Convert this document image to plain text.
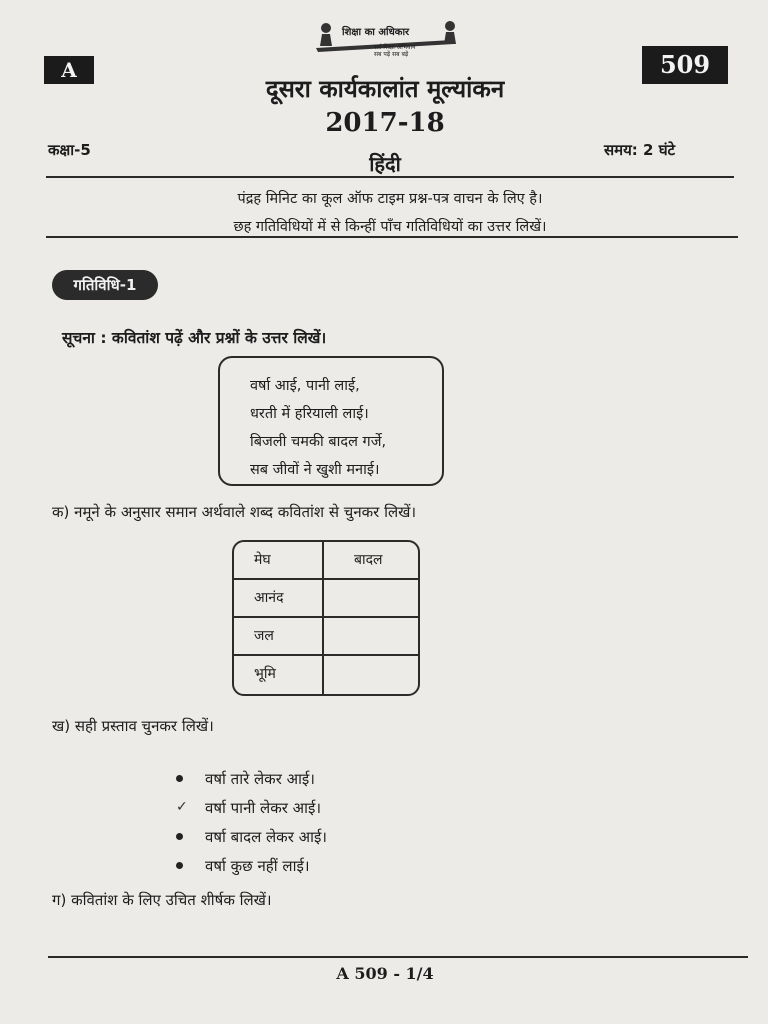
शिक्षा का अधिकार
सर्व शिक्षा अभियान
सब पढ़ें सब बढ़ें
A	509
दूसरा कार्यकालांत मूल्यांकन
2017-18
हिंदी
कक्षा-5	समय: 2 घंटे
पंद्रह मिनिट का कूल ऑफ टाइम प्रश्न-पत्र वाचन के लिए है।
छह गतिविधियों में से किन्हीं पाँच गतिविधियों का उत्तर लिखें।
गतिविधि-1
सूचना : कवितांश पढ़ें और प्रश्नों के उत्तर लिखें।
वर्षा आई, पानी लाई,
धरती में हरियाली लाई।
बिजली चमकी बादल गर्जे,
सब जीवों ने खुशी मनाई।
क) नमूने के अनुसार समान अर्थवाले शब्द कवितांश से चुनकर लिखें।
मेघ	बादल
आनंद
जल
भूमि
ख) सही प्रस्ताव चुनकर लिखें।
वर्षा तारे लेकर आई।
✓ वर्षा पानी लेकर आई।
वर्षा बादल लेकर आई।
वर्षा कुछ नहीं लाई।
ग) कवितांश के लिए उचित शीर्षक लिखें।
A 509 - 1/4
